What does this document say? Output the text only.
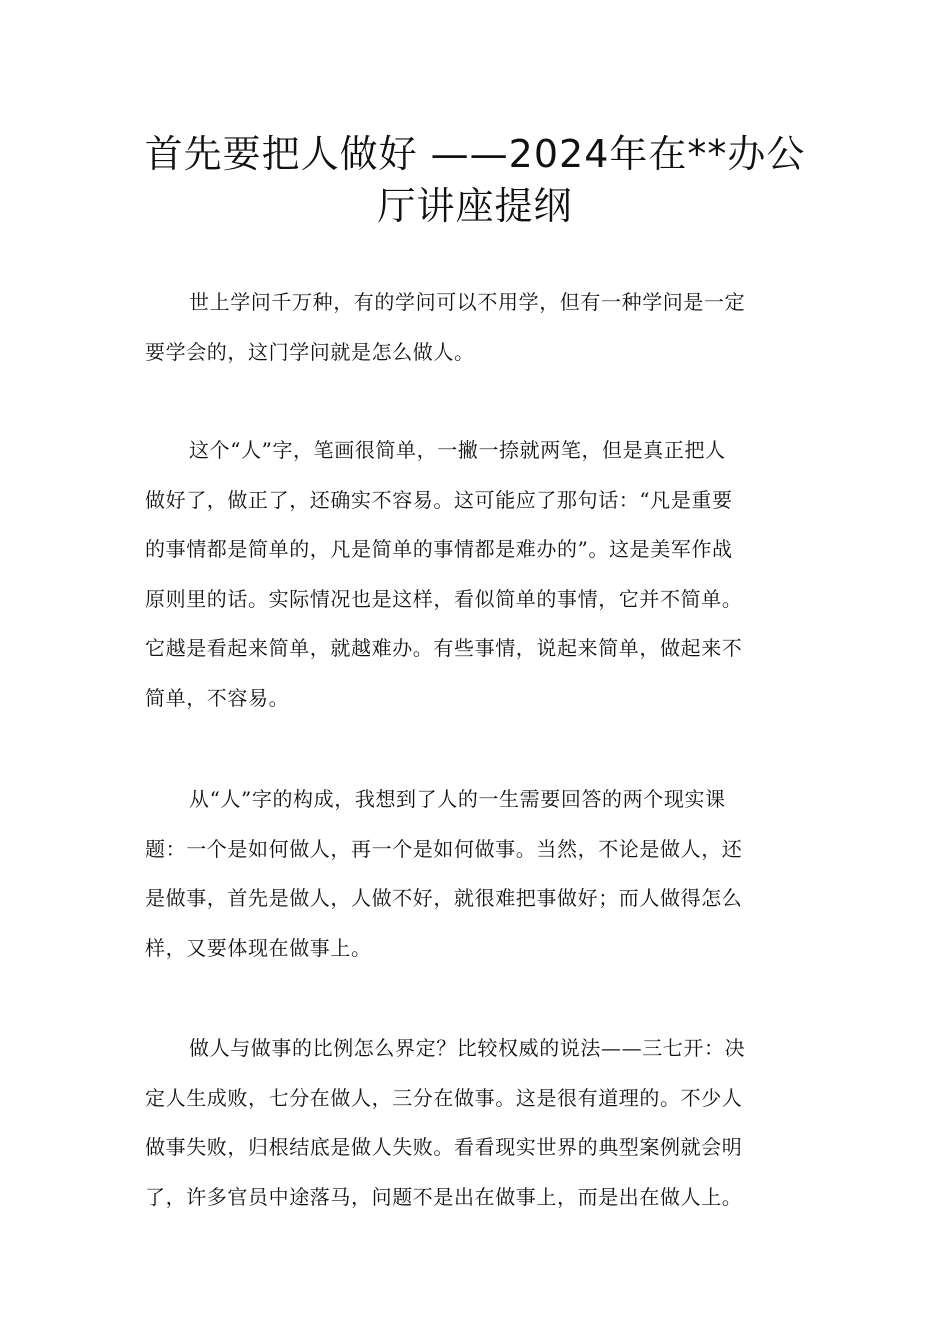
首先要把人做好 ——2024年在**办公
厅讲座提纲

世上学问千万种，有的学问可以不用学，但有一种学问是一定
要学会的，这门学问就是怎么做人。

这个“人”字，笔画很简单，一撇一捺就两笔，但是真正把人
做好了，做正了，还确实不容易。这可能应了那句话：“凡是重要
的事情都是简单的，凡是简单的事情都是难办的”。这是美军作战
原则里的话。实际情况也是这样，看似简单的事情，它并不简单。
它越是看起来简单，就越难办。有些事情，说起来简单，做起来不
简单，不容易。

从“人”字的构成，我想到了人的一生需要回答的两个现实课
题：一个是如何做人，再一个是如何做事。当然，不论是做人，还
是做事，首先是做人，人做不好，就很难把事做好；而人做得怎么
样，又要体现在做事上。

做人与做事的比例怎么界定？比较权威的说法——三七开：决
定人生成败，七分在做人，三分在做事。这是很有道理的。不少人
做事失败，归根结底是做人失败。看看现实世界的典型案例就会明
了，许多官员中途落马，问题不是出在做事上，而是出在做人上。
